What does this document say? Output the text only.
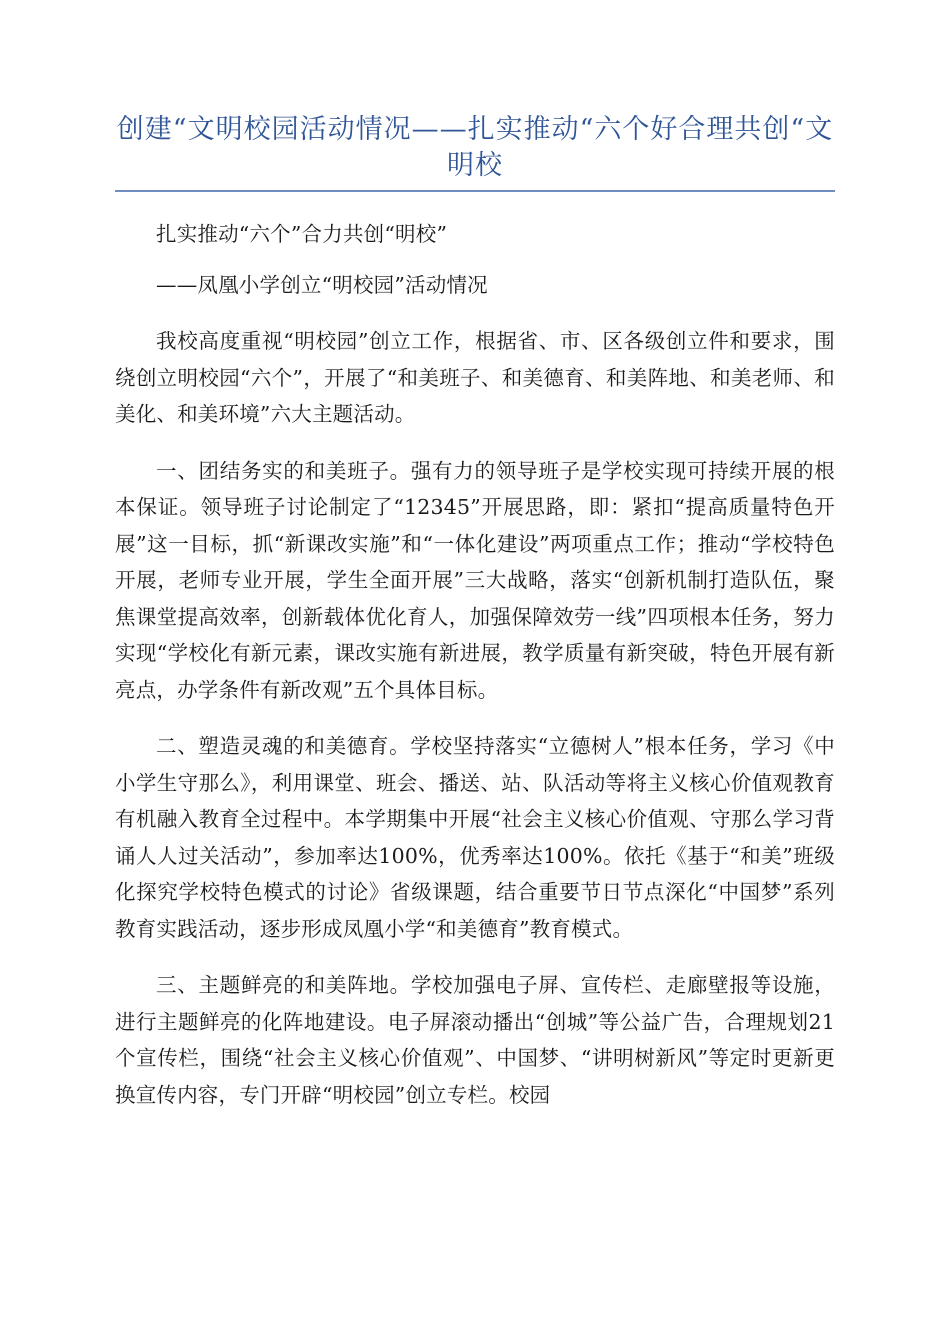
创建“文明校园活动情况——扎实推动“六个好合理共创“文明校

扎实推动“六个”合力共创“明校”

——凤凰小学创立“明校园”活动情况

我校高度重视“明校园”创立工作，根据省、市、区各级创立件和要求，围绕创立明校园“六个”，开展了“和美班子、和美德育、和美阵地、和美老师、和美化、和美环境”六大主题活动。

一、团结务实的和美班子。强有力的领导班子是学校实现可持续开展的根本保证。领导班子讨论制定了“12345”开展思路，即：紧扣“提高质量特色开展”这一目标，抓“新课改实施”和“一体化建设”两项重点工作；推动“学校特色开展，老师专业开展，学生全面开展”三大战略，落实“创新机制打造队伍，聚焦课堂提高效率，创新载体优化育人，加强保障效劳一线”四项根本任务，努力实现“学校化有新元素，课改实施有新进展，教学质量有新突破，特色开展有新亮点，办学条件有新改观”五个具体目标。

二、塑造灵魂的和美德育。学校坚持落实“立德树人”根本任务，学习《中小学生守那么》，利用课堂、班会、播送、站、队活动等将主义核心价值观教育有机融入教育全过程中。本学期集中开展“社会主义核心价值观、守那么学习背诵人人过关活动”，参加率达100%，优秀率达100%。依托《基于“和美”班级化探究学校特色模式的讨论》省级课题，结合重要节日节点深化“中国梦”系列教育实践活动，逐步形成凤凰小学“和美德育”教育模式。

三、主题鲜亮的和美阵地。学校加强电子屏、宣传栏、走廊壁报等设施，进行主题鲜亮的化阵地建设。电子屏滚动播出“创城”等公益广告，合理规划21个宣传栏，围绕“社会主义核心价值观”、中国梦、“讲明树新风”等定时更新更换宣传内容，专门开辟“明校园”创立专栏。校园
